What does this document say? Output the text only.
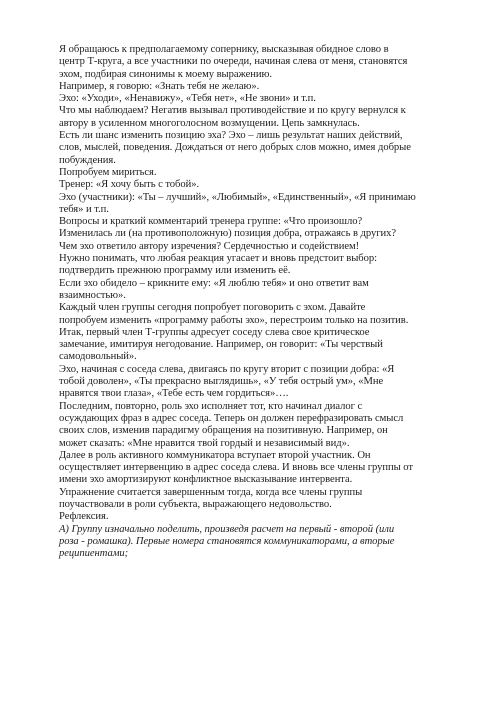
Я обращаюсь к предполагаемому сопернику, высказывая обидное слово в
центр Т-круга, а все участники по очереди, начиная слева от меня, становятся
эхом, подбирая синонимы к моему выражению.
Например, я говорю: «Знать тебя не желаю».
Эхо: «Уходи», «Ненавижу», «Тебя нет», «Не звони» и т.п.
Что мы наблюдаем? Негатив вызывал противодействие и по кругу вернулся к
автору в усиленном многоголосном возмущении. Цепь замкнулась.
Есть ли шанс изменить позицию эха? Эхо – лишь результат наших действий,
слов, мыслей, поведения. Дождаться от него добрых слов можно, имея добрые
побуждения.
Попробуем мириться.
Тренер: «Я хочу быть с тобой».
Эхо (участники): «Ты – лучший», «Любимый», «Единственный», «Я принимаю
тебя» и т.п.
Вопросы и краткий комментарий тренера группе: «Что произошло?
Изменилась ли (на противоположную) позиция добра, отражаясь в других?
Чем эхо ответило автору изречения? Сердечностью и содействием!
Нужно понимать, что любая реакция угасает и вновь предстоит выбор:
подтвердить прежнюю программу или изменить её.
Если эхо обидело – крикните ему: «Я люблю тебя» и оно ответит вам
взаимностью».
Каждый член группы сегодня попробует поговорить с эхом. Давайте
попробуем изменить «программу работы эхо», перестроим только на позитив.
Итак, первый член Т-группы адресует соседу слева свое критическое
замечание, имитируя негодование. Например, он говорит: «Ты черствый
самодовольный».
Эхо, начиная с соседа слева, двигаясь по кругу вторит с позиции добра: «Я
тобой доволен», «Ты прекрасно выглядишь», «У тебя острый ум», «Мне
нравятся твои глаза», «Тебе есть чем гордиться»….
Последним, повторно, роль эхо исполняет тот, кто начинал диалог с
осуждающих фраз в адрес соседа. Теперь он должен перефразировать смысл
своих слов, изменив парадигму обращения на позитивную. Например, он
может сказать: «Мне нравится твой гордый и независимый вид».
Далее в роль активного коммуникатора вступает второй участник. Он
осуществляет интервенцию в адрес соседа слева. И вновь все члены группы от
имени эхо амортизируют конфликтное высказывание интервента.
Упражнение считается завершенным тогда, когда все члены группы
поучаствовали в роли субъекта, выражающего недовольство.
Рефлексия.
А) Группу изначально поделить, произведя расчет на первый - второй (или
роза - ромашка). Первые номера становятся коммуникаторами, а вторые
реципиентами;
